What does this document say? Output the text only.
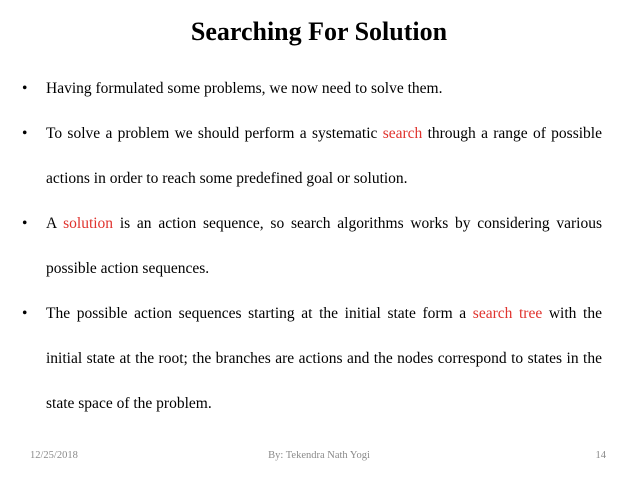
Searching For Solution
• Having formulated some problems, we now need to solve them.
• To solve a problem we should perform a systematic search through a range of possible actions in order to reach some predefined goal or solution.
• A solution is an action sequence, so search algorithms works by considering various possible action sequences.
• The possible action sequences starting at the initial state form a search tree with the initial state at the root; the branches are actions and the nodes correspond to states in the state space of the problem.
12/25/2018	By: Tekendra Nath Yogi	14
